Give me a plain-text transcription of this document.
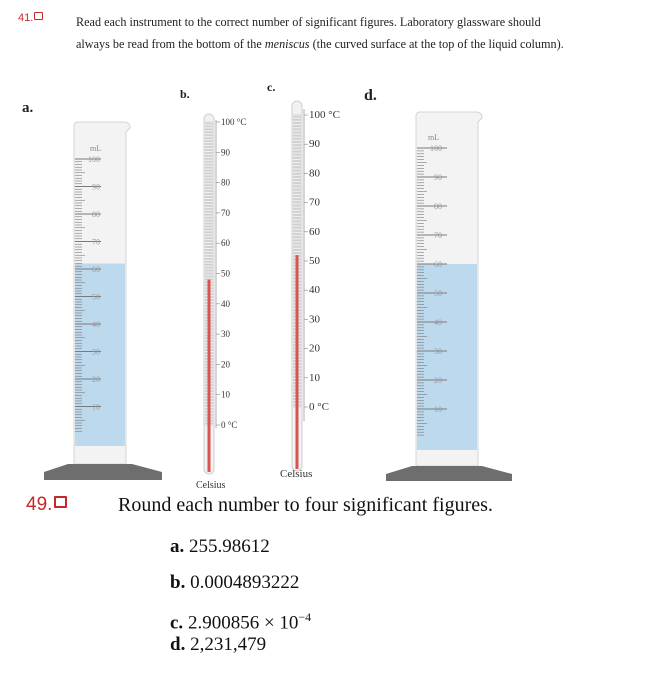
41.	Read each instrument to the correct number of significant figures. Laboratory glassware should always be read from the bottom of the meniscus (the curved surface at the top of the liquid column).
a.
b.	c.	d.
100
90
80
70
60
50
40
30
20
10
mL
100 °C
90
80
70
60
50
40
30
20
10
0 °C
Celsius
100 °C
90
80
70
60
50
40
30
20
10
0 °C
Celsius
100
90
80
70
60
50
40
30
20
10
mL
49.	Round each number to four significant figures.
a. 255.98612
b. 0.0004893222
c. $2.900856 \times 10^{-4}$
d. 2,231,479
